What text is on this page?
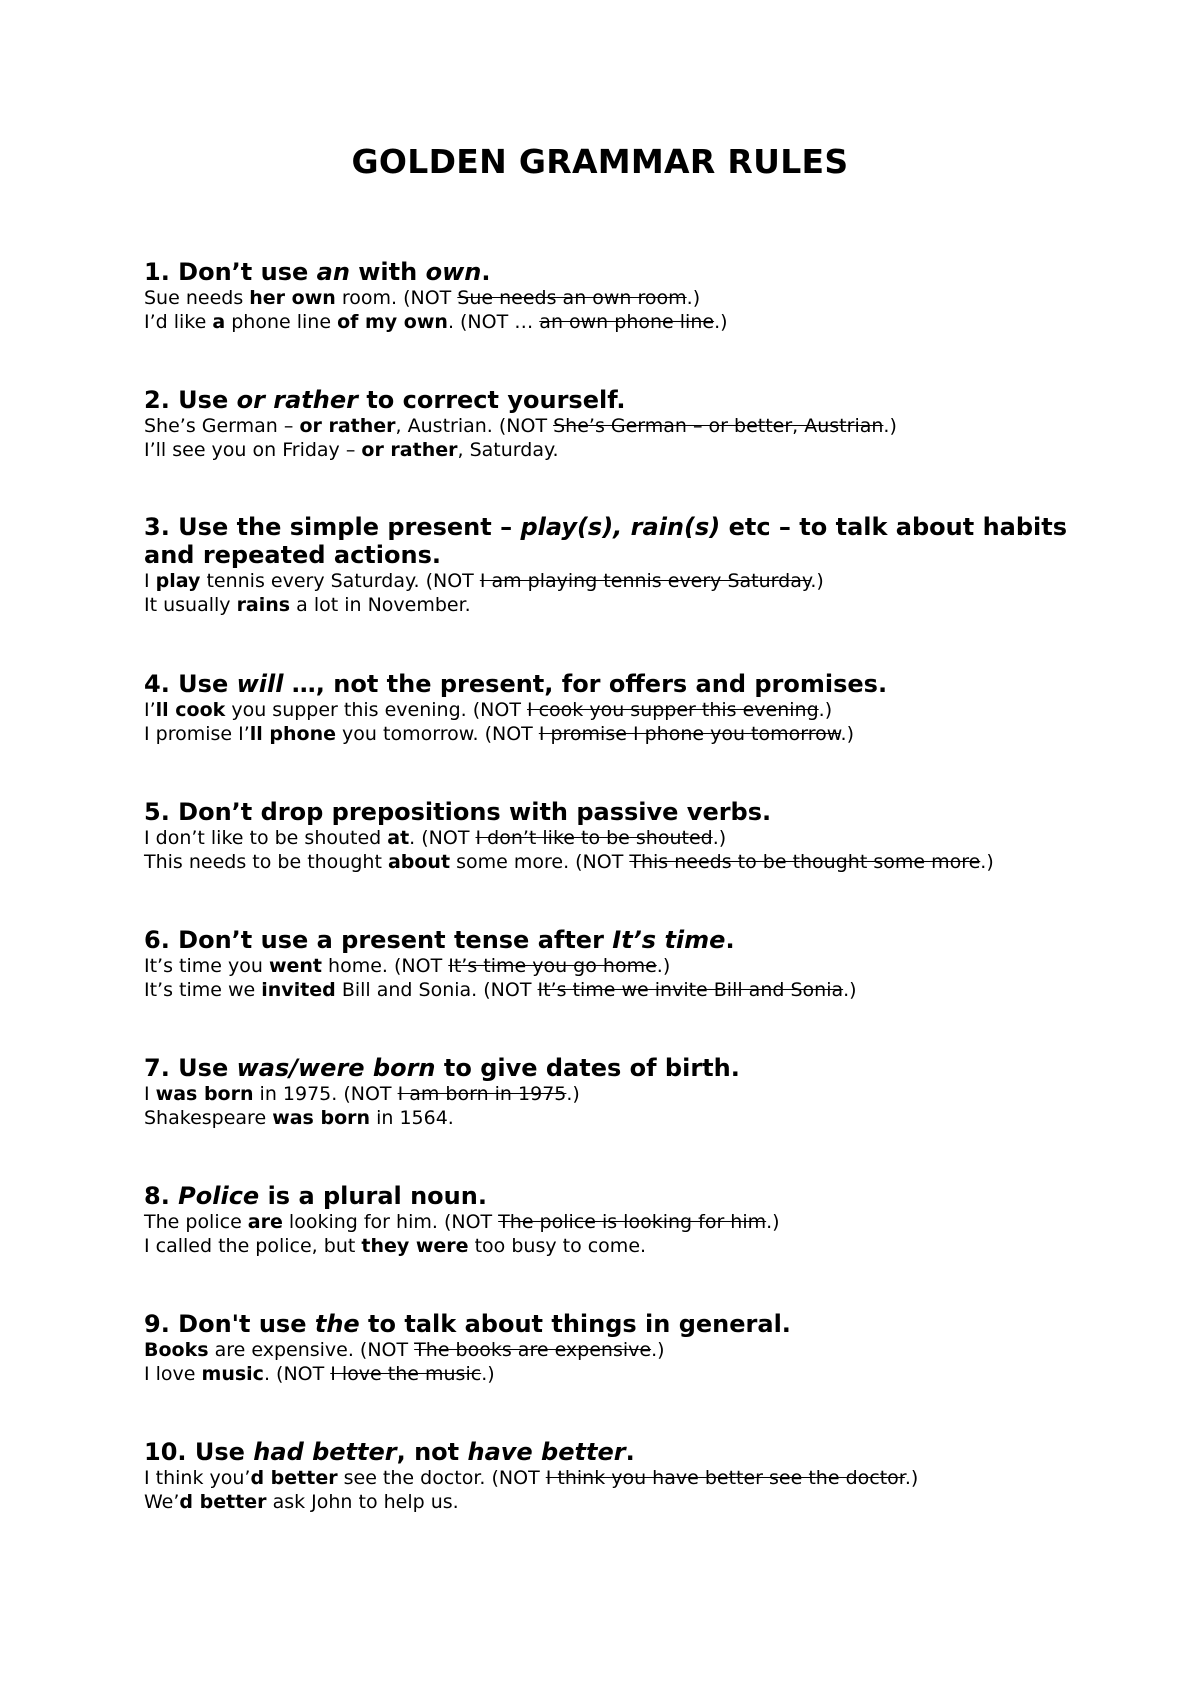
GOLDEN GRAMMAR RULES
1. Don’t use an with own.

Sue needs her own room. (NOT Sue needs an own room.)

I’d like a phone line of my own. (NOT … an own phone line.)

2. Use or rather to correct yourself.

She’s German – or rather, Austrian. (NOT She’s German – or better, Austrian.)

I’ll see you on Friday – or rather, Saturday.

3. Use the simple present – play(s), rain(s) etc – to talk about habits and repeated actions.

I play tennis every Saturday. (NOT I am playing tennis every Saturday.)

It usually rains a lot in November.

4. Use will …, not the present, for offers and promises.

I’ll cook you supper this evening. (NOT I cook you supper this evening.)

I promise I’ll phone you tomorrow. (NOT I promise I phone you tomorrow.)

5. Don’t drop prepositions with passive verbs.

I don’t like to be shouted at. (NOT I don’t like to be shouted.)

This needs to be thought about some more. (NOT This needs to be thought some more.)

6. Don’t use a present tense after It’s time.

It’s time you went home. (NOT It’s time you go home.)

It’s time we invited Bill and Sonia. (NOT It’s time we invite Bill and Sonia.)

7. Use was/were born to give dates of birth.

I was born in 1975. (NOT I am born in 1975.)

Shakespeare was born in 1564.

8. Police is a plural noun.

The police are looking for him. (NOT The police is looking for him.)

I called the police, but they were too busy to come.

9. Don't use the to talk about things in general.

Books are expensive. (NOT The books are expensive.)

I love music. (NOT I love the music.)

10. Use had better, not have better.

I think you’d better see the doctor. (NOT I think you have better see the doctor.)

We’d better ask John to help us.
